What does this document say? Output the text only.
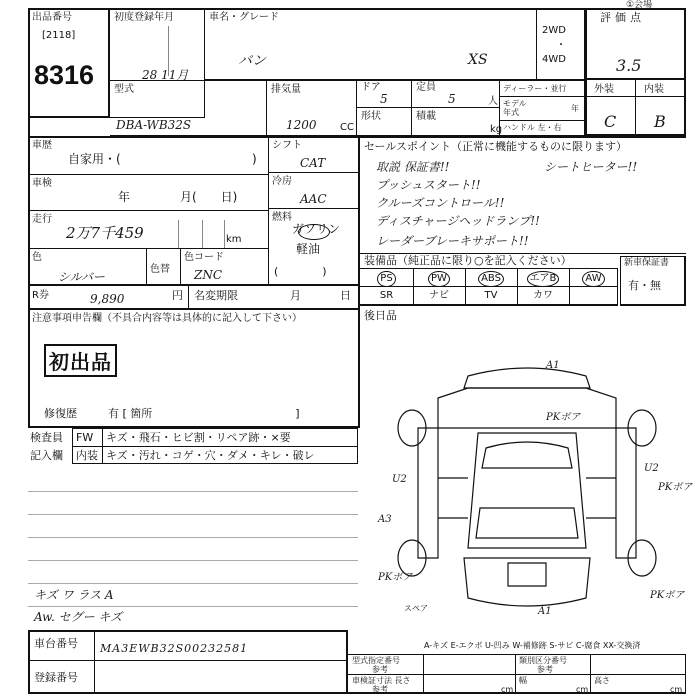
出品番号
[2118]
8316
初度登録年月
28 11月
車名・グレード
バン	XS
2WD
・
4WD
評価点
3.5
①会場
型式
DBA-WB32S
排気量
1200 CC
ドア
5
定員
5	人
形状	積載
kg
ディーラー・並行
モデル年式	年
ハンドル 左・右
外装	内装
C B
車歴
自家用・(	)
車検
年	月(　　日)
走行
2万7千459	km
色
シルバー
色替
色コード
ZNC
シフト
CAT
冷房
AAC
燃料
ガソリン
軽油
(　　　　)
R券	9,890	円 名変期限	月	日
注意事項申告欄（不具合内容等は具体的に記入して下さい）
初出品
修復歴	有 [ 箇所　　　　　　　　　　　　　]
検査員
記入欄
FW キズ・飛石・ヒビ割・リペア跡・×要
内装 キズ・汚れ・コゲ・穴・ダメ・キレ・破レ
キズ ワ ラス A
Aw. セグー キズ
セールスポイント（正常に機能するものに限ります）
取説 保証書!!	シートヒーター!!
プッシュスタート!!
クルーズコントロール!!
ディスチャージヘッドランプ!!
レーダーブレーキサポート!!
装備品（純正品に限り○を記入ください）
PS	PW	ABS	エアB	AW
SR	ナビ	TV	カワ
新車保証書
有・無
後日品
A1
PKボア
U2
A3
PKボア
PKボア
PKボア
A1
スペア
U2
A-キズ E-エクボ U-凹み W-補修跡 S-サビ C-腐食 XX-交換済
車台番号 MA3EWB32S00232581
登録番号
型式指定番号
参考
類別区分番号
参考
車検証寸法 長さ
参考	cm
幅
cm
高さ
cm
